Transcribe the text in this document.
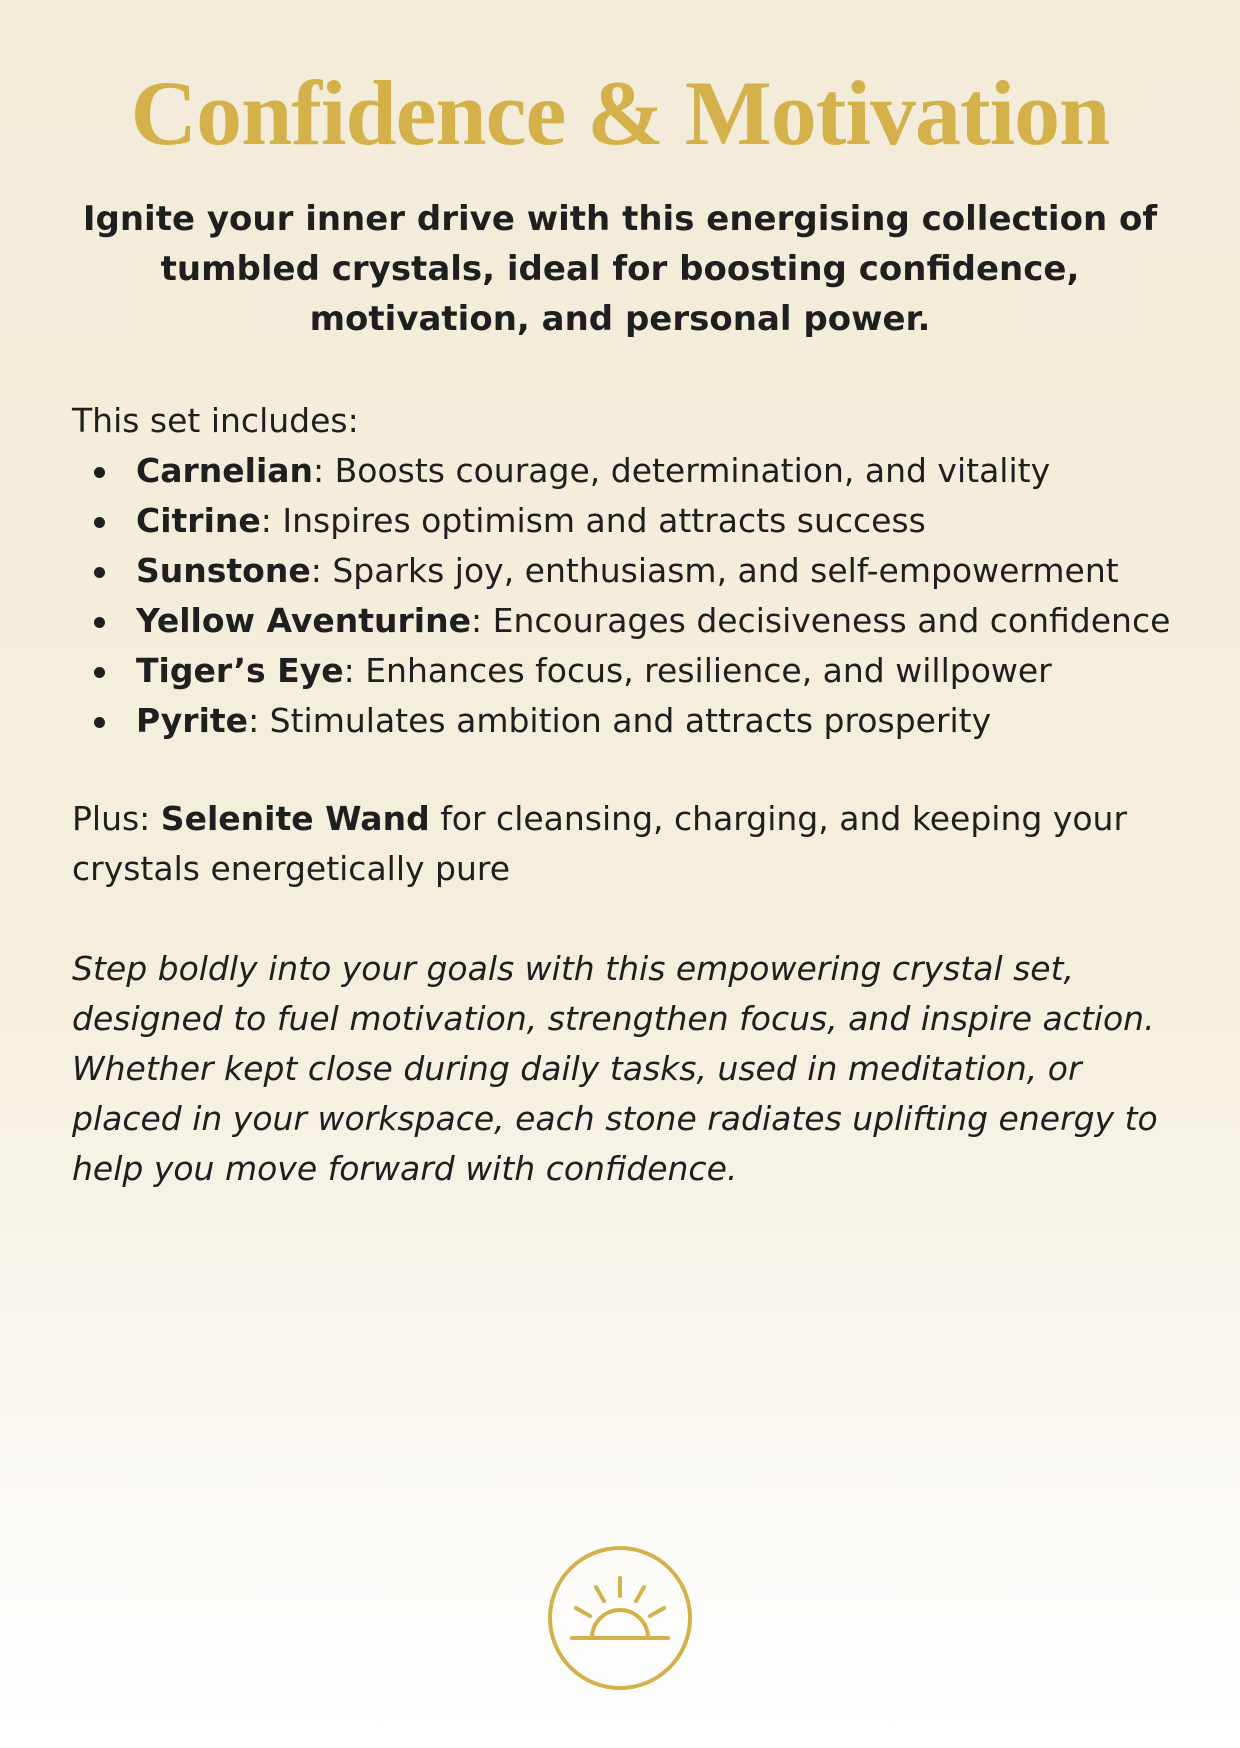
Confidence & Motivation

Ignite your inner drive with this energising collection of tumbled crystals, ideal for boosting confidence, motivation, and personal power.

This set includes:

Carnelian: Boosts courage, determination, and vitality
Citrine: Inspires optimism and attracts success
Sunstone: Sparks joy, enthusiasm, and self-empowerment
Yellow Aventurine: Encourages decisiveness and confidence
Tiger’s Eye: Enhances focus, resilience, and willpower
Pyrite: Stimulates ambition and attracts prosperity

Plus: Selenite Wand for cleansing, charging, and keeping your crystals energetically pure

Step boldly into your goals with this empowering crystal set, designed to fuel motivation, strengthen focus, and inspire action. Whether kept close during daily tasks, used in meditation, or placed in your workspace, each stone radiates uplifting energy to help you move forward with confidence.
